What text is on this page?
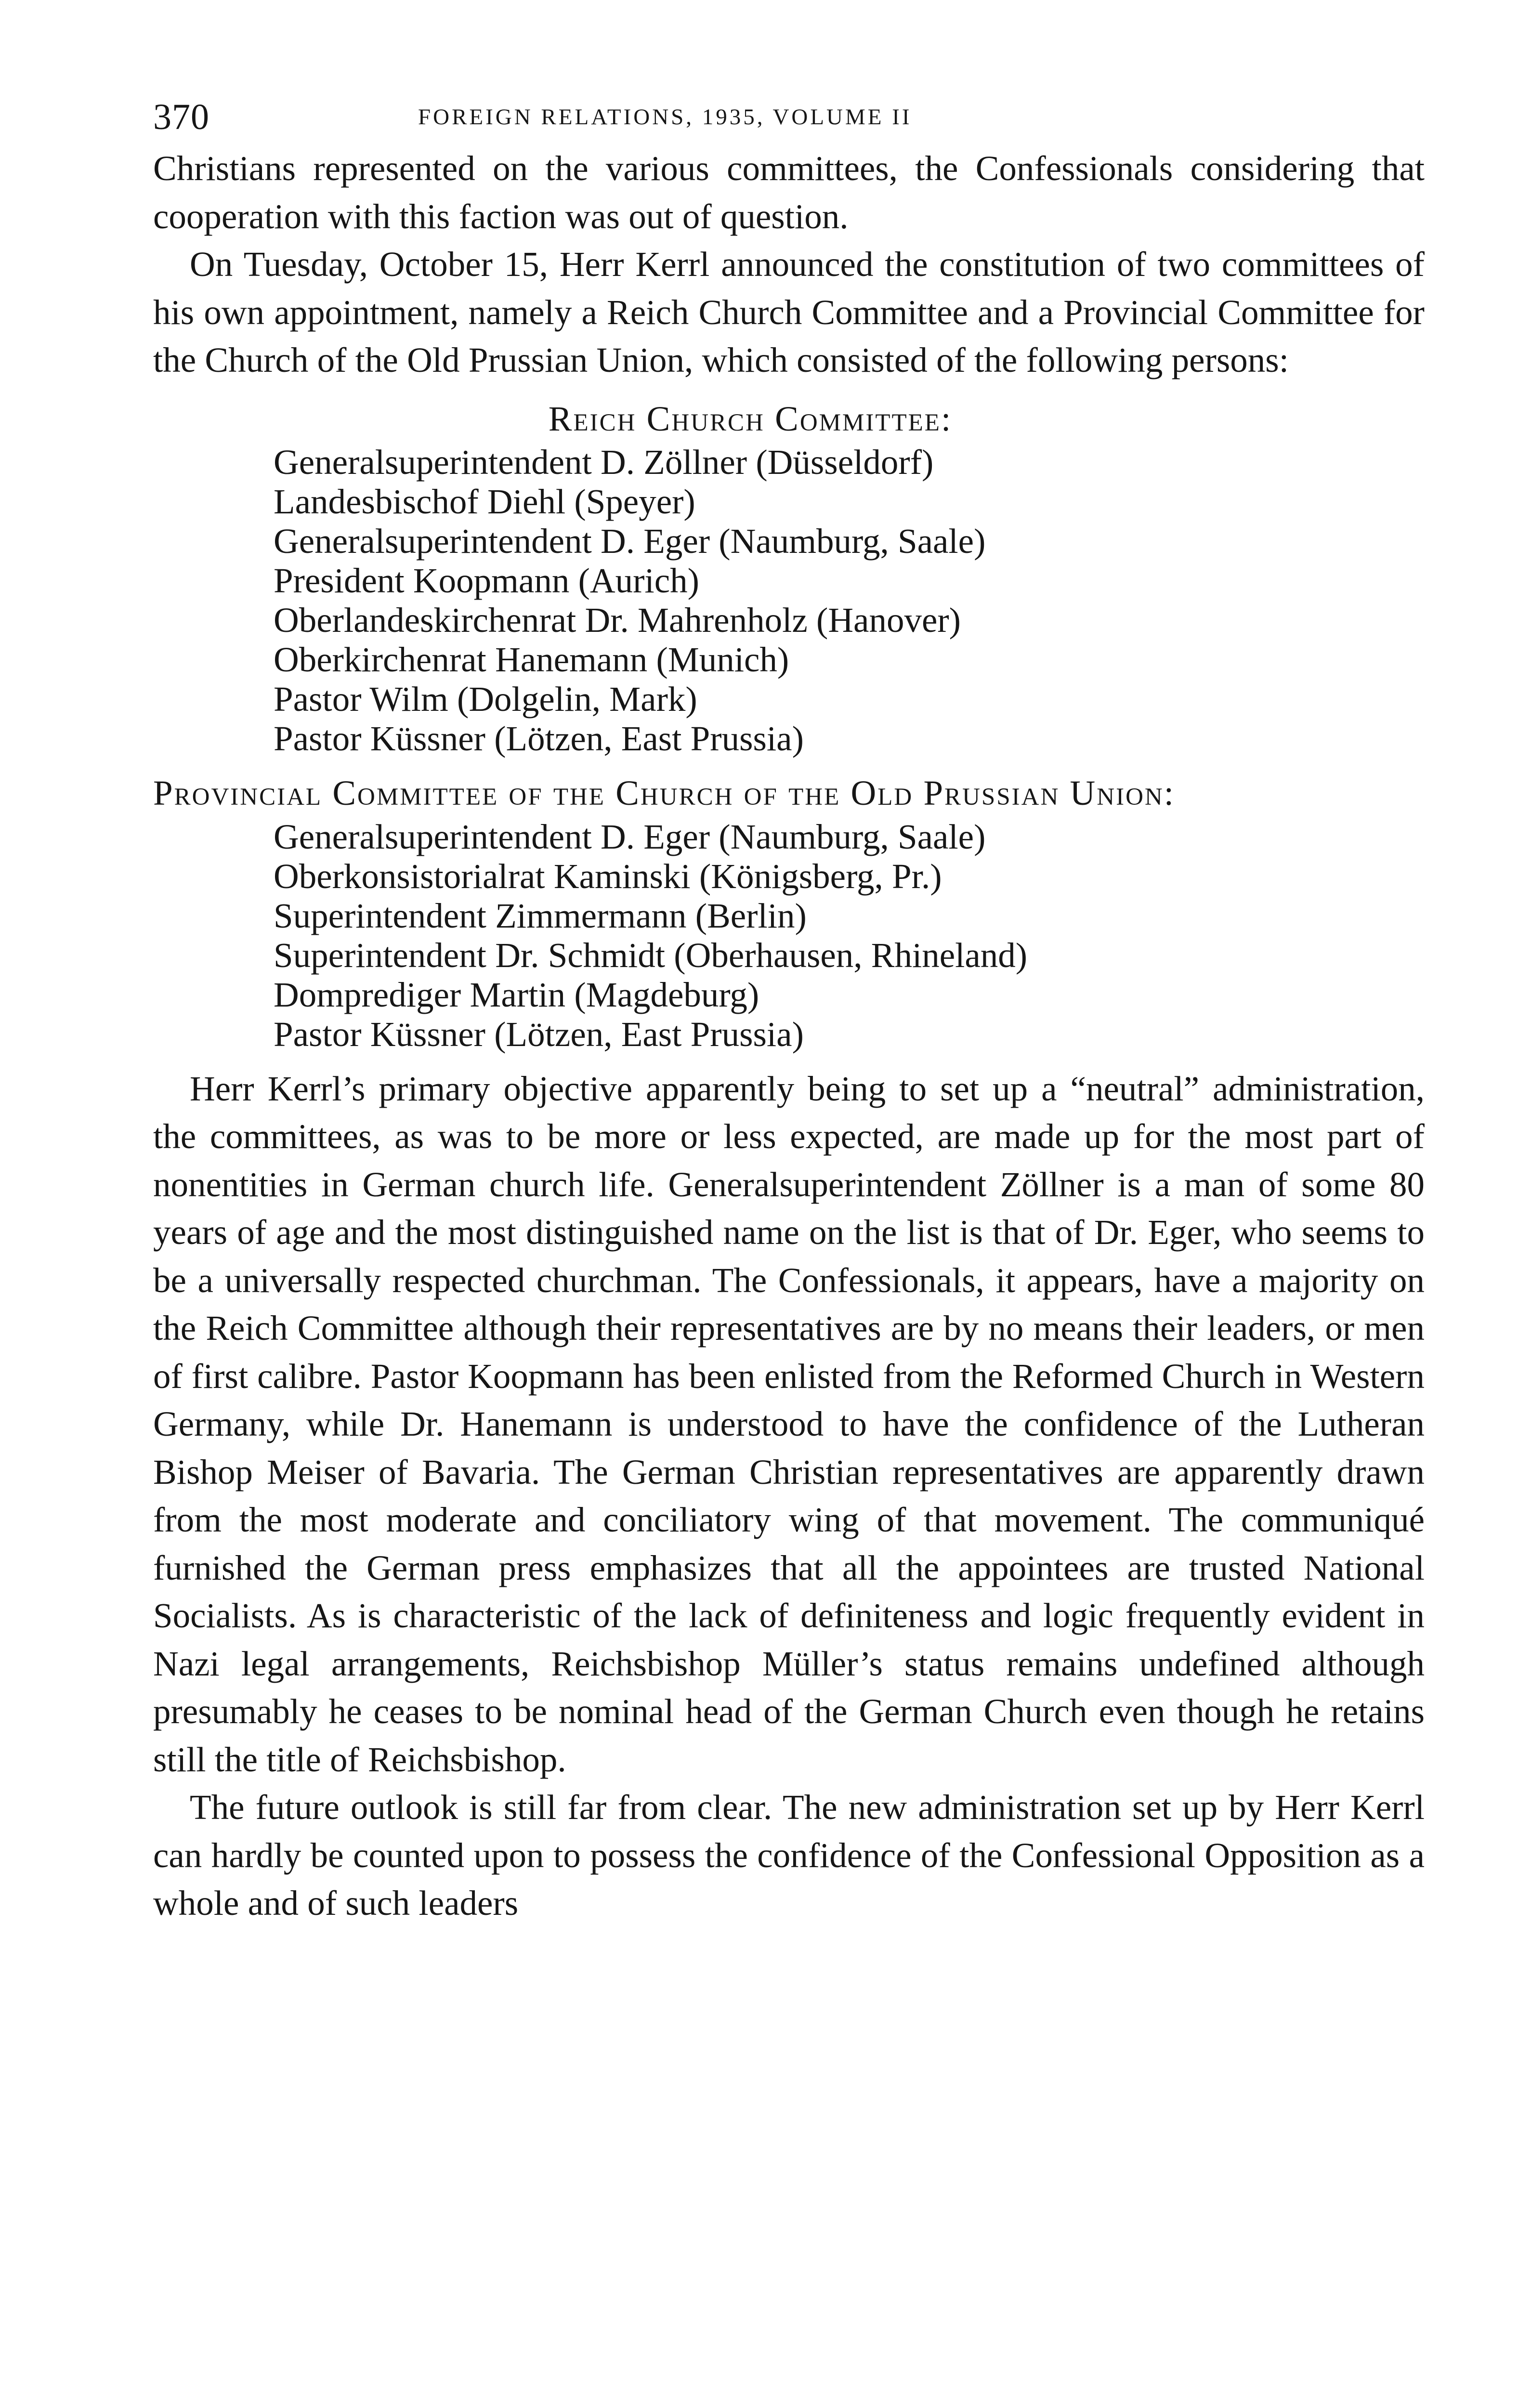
370	FOREIGN RELATIONS, 1935, VOLUME II

Christians represented on the various committees, the Confessionals considering that cooperation with this faction was out of question.

On Tuesday, October 15, Herr Kerrl announced the constitution of two committees of his own appointment, namely a Reich Church Committee and a Provincial Committee for the Church of the Old Prussian Union, which consisted of the following persons:

Reich Church Committee:
Generalsuperintendent D. Zöllner (Düsseldorf)
Landesbischof Diehl (Speyer)
Generalsuperintendent D. Eger (Naumburg, Saale)
President Koopmann (Aurich)
Oberlandeskirchenrat Dr. Mahrenholz (Hanover)
Oberkirchenrat Hanemann (Munich)
Pastor Wilm (Dolgelin, Mark)
Pastor Küssner (Lötzen, East Prussia)
Provincial Committee of the Church of the Old Prussian Union:
Generalsuperintendent D. Eger (Naumburg, Saale)
Oberkonsistorialrat Kaminski (Königsberg, Pr.)
Superintendent Zimmermann (Berlin)
Superintendent Dr. Schmidt (Oberhausen, Rhineland)
Domprediger Martin (Magdeburg)
Pastor Küssner (Lötzen, East Prussia)

Herr Kerrl’s primary objective apparently being to set up a “neutral” administration, the committees, as was to be more or less expected, are made up for the most part of nonentities in German church life. Generalsuperintendent Zöllner is a man of some 80 years of age and the most distinguished name on the list is that of Dr. Eger, who seems to be a universally respected churchman. The Confessionals, it appears, have a majority on the Reich Committee although their representatives are by no means their leaders, or men of first calibre. Pastor Koopmann has been enlisted from the Reformed Church in Western Germany, while Dr. Hanemann is understood to have the confidence of the Lutheran Bishop Meiser of Bavaria. The German Christian representatives are apparently drawn from the most moderate and conciliatory wing of that movement. The communiqué furnished the German press emphasizes that all the appointees are trusted National Socialists. As is characteristic of the lack of definiteness and logic frequently evident in Nazi legal arrangements, Reichsbishop Müller’s status remains undefined although presumably he ceases to be nominal head of the German Church even though he retains still the title of Reichsbishop.

The future outlook is still far from clear. The new administration set up by Herr Kerrl can hardly be counted upon to possess the confidence of the Confessional Opposition as a whole and of such leaders
